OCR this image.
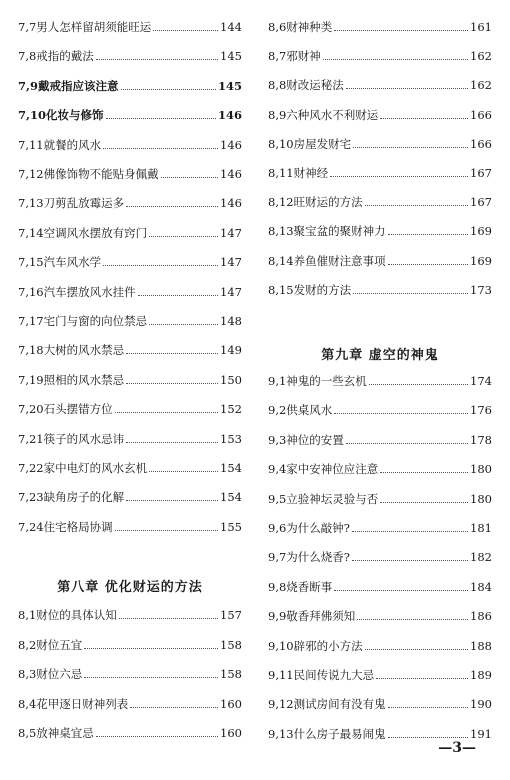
7,7 男人怎样留胡须能旺运	144
7,8 戒指的戴法	145
7,9 戴戒指应该注意	145
7,10 化妆与修饰	146
7,11 就餐的风水	146
7,12 佛像饰物不能贴身佩戴	146
7,13 刀剪乱放霉运多	146
7,14 空调风水摆放有窍门	147
7,15 汽车风水学	147
7,16 汽车摆放风水挂件	147
7,17 宅门与窗的向位禁忌	148
7,18 大树的风水禁忌	149
7,19 照相的风水禁忌	150
7,20 石头摆错方位	152
7,21 筷子的风水忌讳	153
7,22 家中电灯的风水玄机	154
7,23 缺角房子的化解	154
7,24 住宅格局协调	155
第八章 优化财运的方法
8,1 财位的具体认知	157
8,2 财位五宜	158
8,3 财位六忌	158
8,4 花甲逐日财神列表	160
8,5 放神桌宜忌	160
8,6 财神种类	161
8,7 邪财神	162
8,8 财改运秘法	162
8,9 六种风水不利财运	166
8,10 房屋发财宅	166
8,11 财神经	167
8,12 旺财运的方法	167
8,13 聚宝盆的聚财神力	169
8,14 养鱼催财注意事项	169
8,15 发财的方法	173
第九章 虚空的神鬼
9,1 神鬼的一些玄机	174
9,2 供桌风水	176
9,3 神位的安置	178
9,4 家中安神位应注意	180
9,5 立验神坛灵验与否	180
9,6 为什么敲钟?	181
9,7 为什么烧香?	182
9,8 烧香断事	184
9,9 敬香拜佛须知	186
9,10 辟邪的小方法	188
9,11 民间传说九大忌	189
9,12 测试房间有没有鬼	190
9,13 什么房子最易闹鬼	191
—3—
